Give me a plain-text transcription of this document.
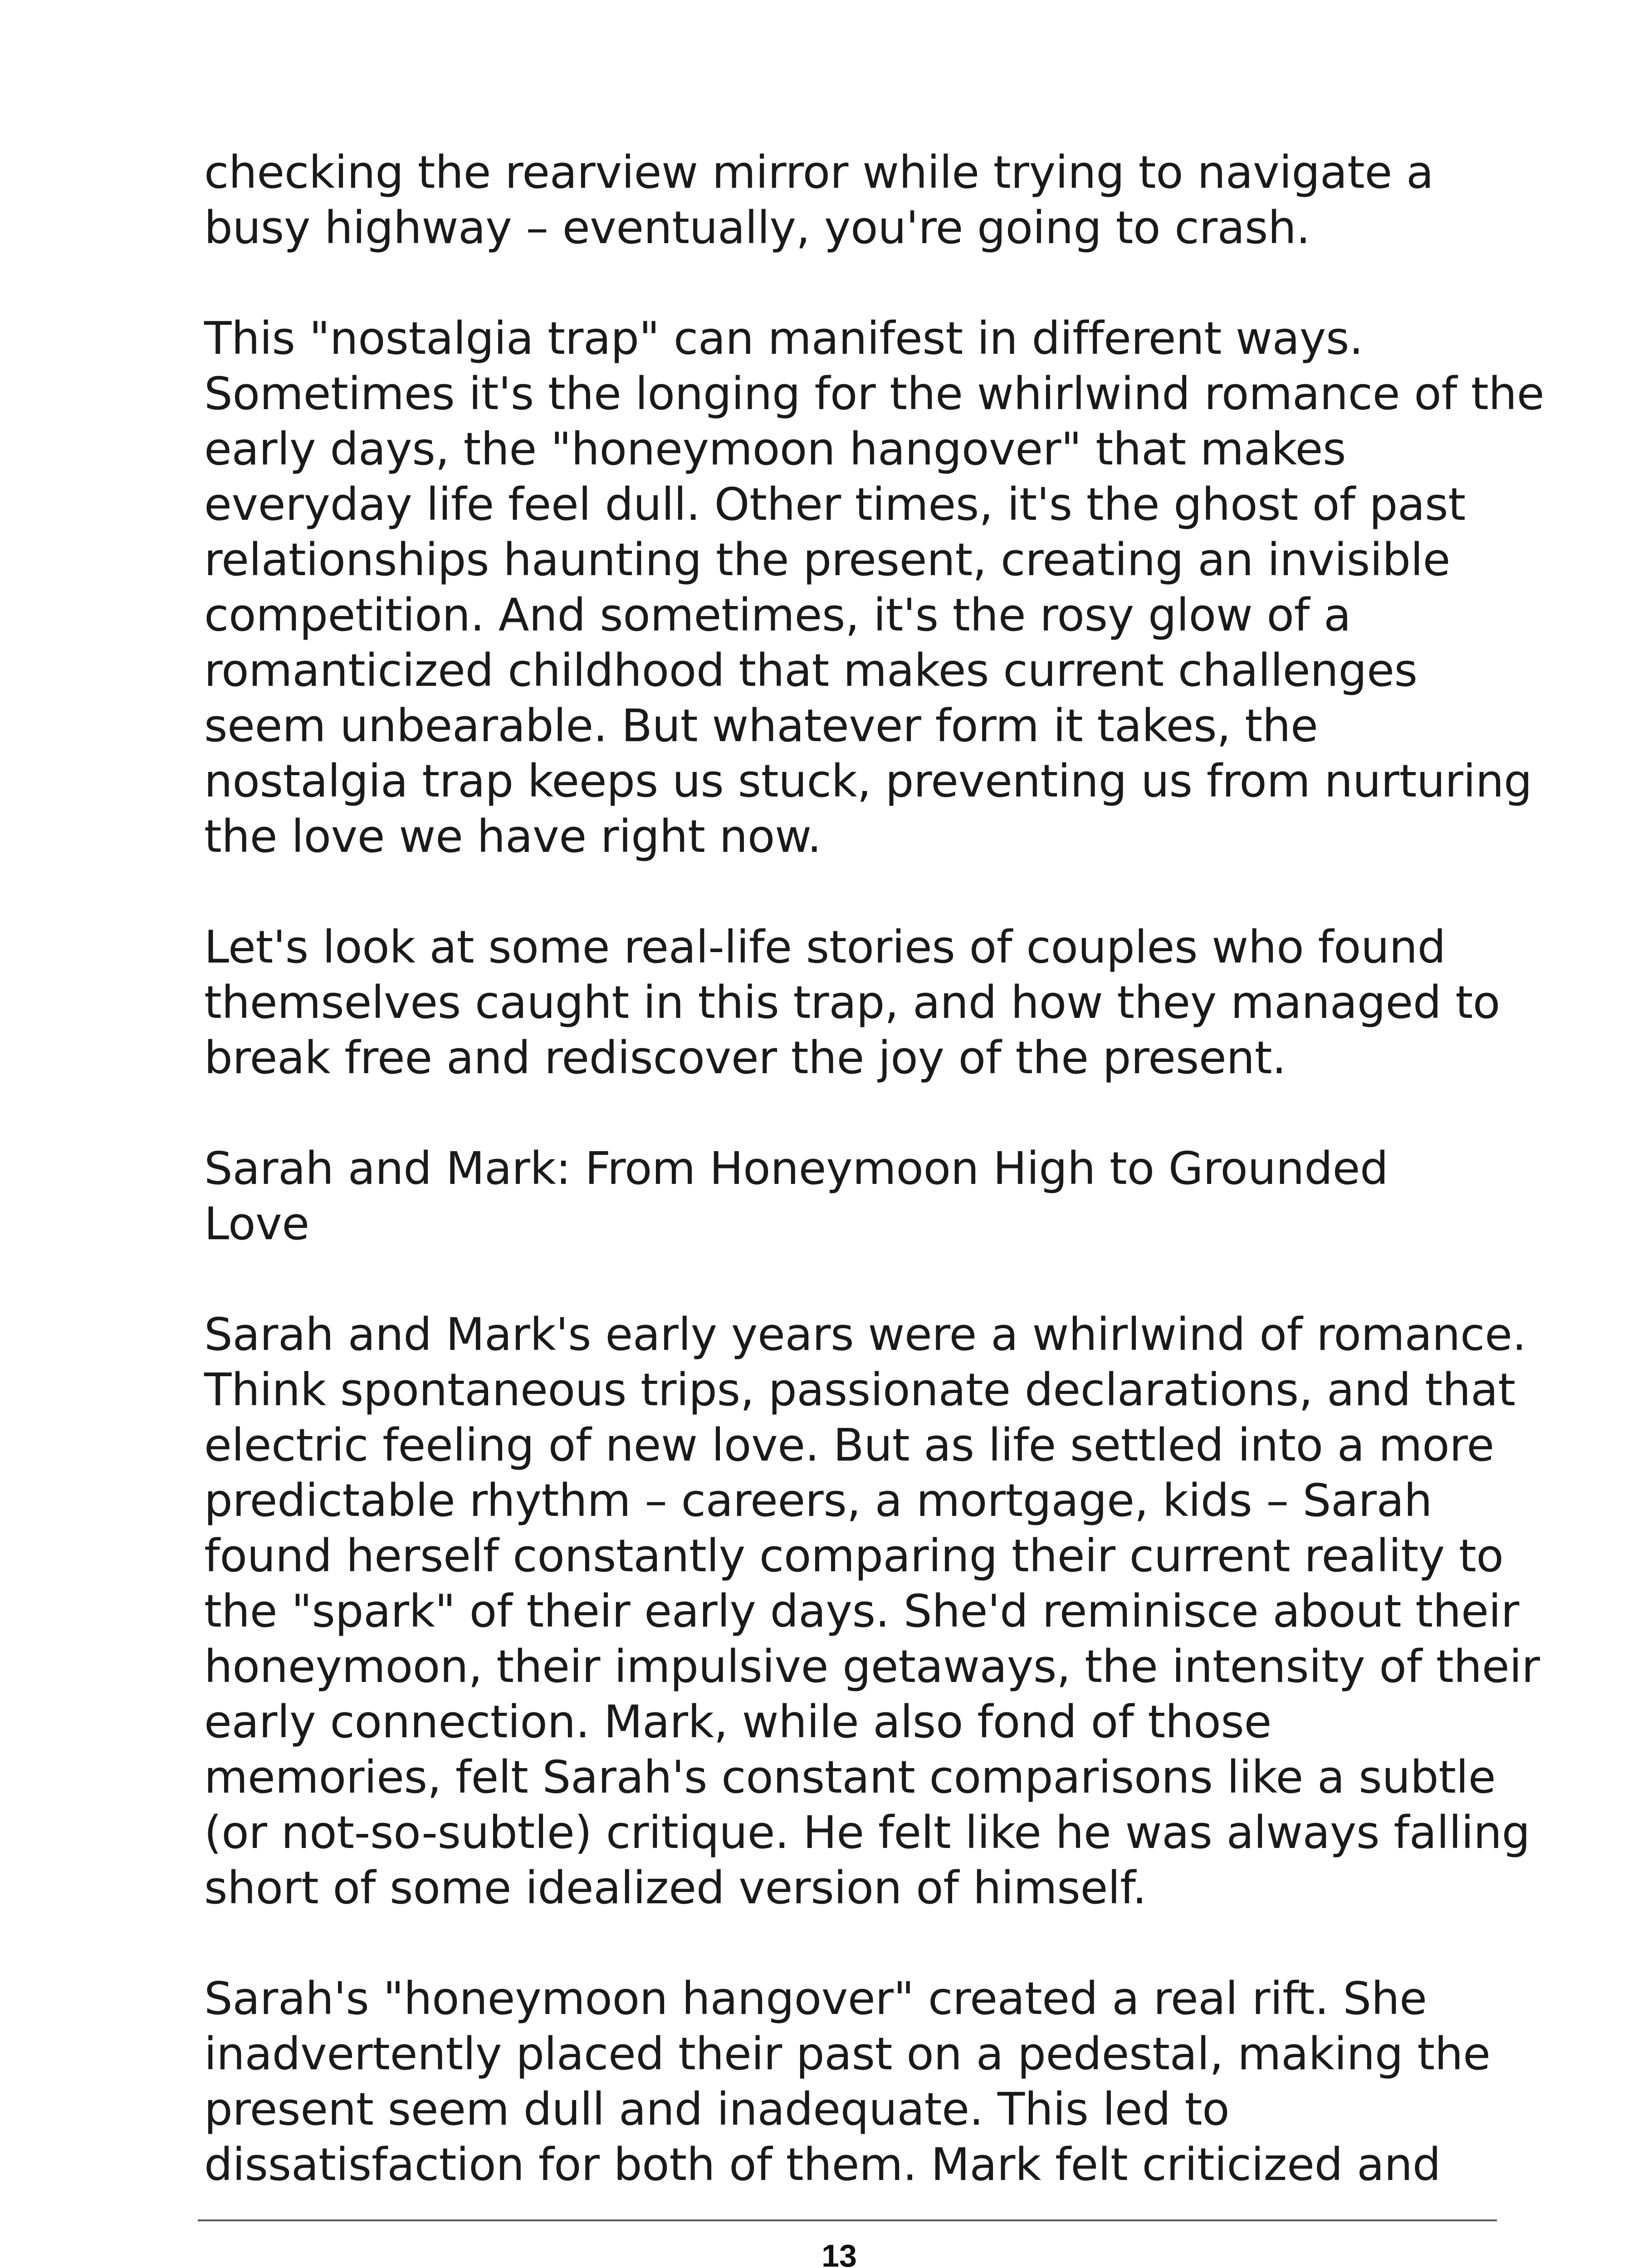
checking the rearview mirror while trying to navigate a
busy highway – eventually, you're going to crash.

This "nostalgia trap" can manifest in different ways.
Sometimes it's the longing for the whirlwind romance of the
early days, the "honeymoon hangover" that makes
everyday life feel dull. Other times, it's the ghost of past
relationships haunting the present, creating an invisible
competition. And sometimes, it's the rosy glow of a
romanticized childhood that makes current challenges
seem unbearable. But whatever form it takes, the
nostalgia trap keeps us stuck, preventing us from nurturing
the love we have right now.

Let's look at some real-life stories of couples who found
themselves caught in this trap, and how they managed to
break free and rediscover the joy of the present.

Sarah and Mark: From Honeymoon High to Grounded
Love

Sarah and Mark's early years were a whirlwind of romance.
Think spontaneous trips, passionate declarations, and that
electric feeling of new love. But as life settled into a more
predictable rhythm – careers, a mortgage, kids – Sarah
found herself constantly comparing their current reality to
the "spark" of their early days. She'd reminisce about their
honeymoon, their impulsive getaways, the intensity of their
early connection. Mark, while also fond of those
memories, felt Sarah's constant comparisons like a subtle
(or not-so-subtle) critique. He felt like he was always falling
short of some idealized version of himself.

Sarah's "honeymoon hangover" created a real rift. She
inadvertently placed their past on a pedestal, making the
present seem dull and inadequate. This led to
dissatisfaction for both of them. Mark felt criticized and

13
